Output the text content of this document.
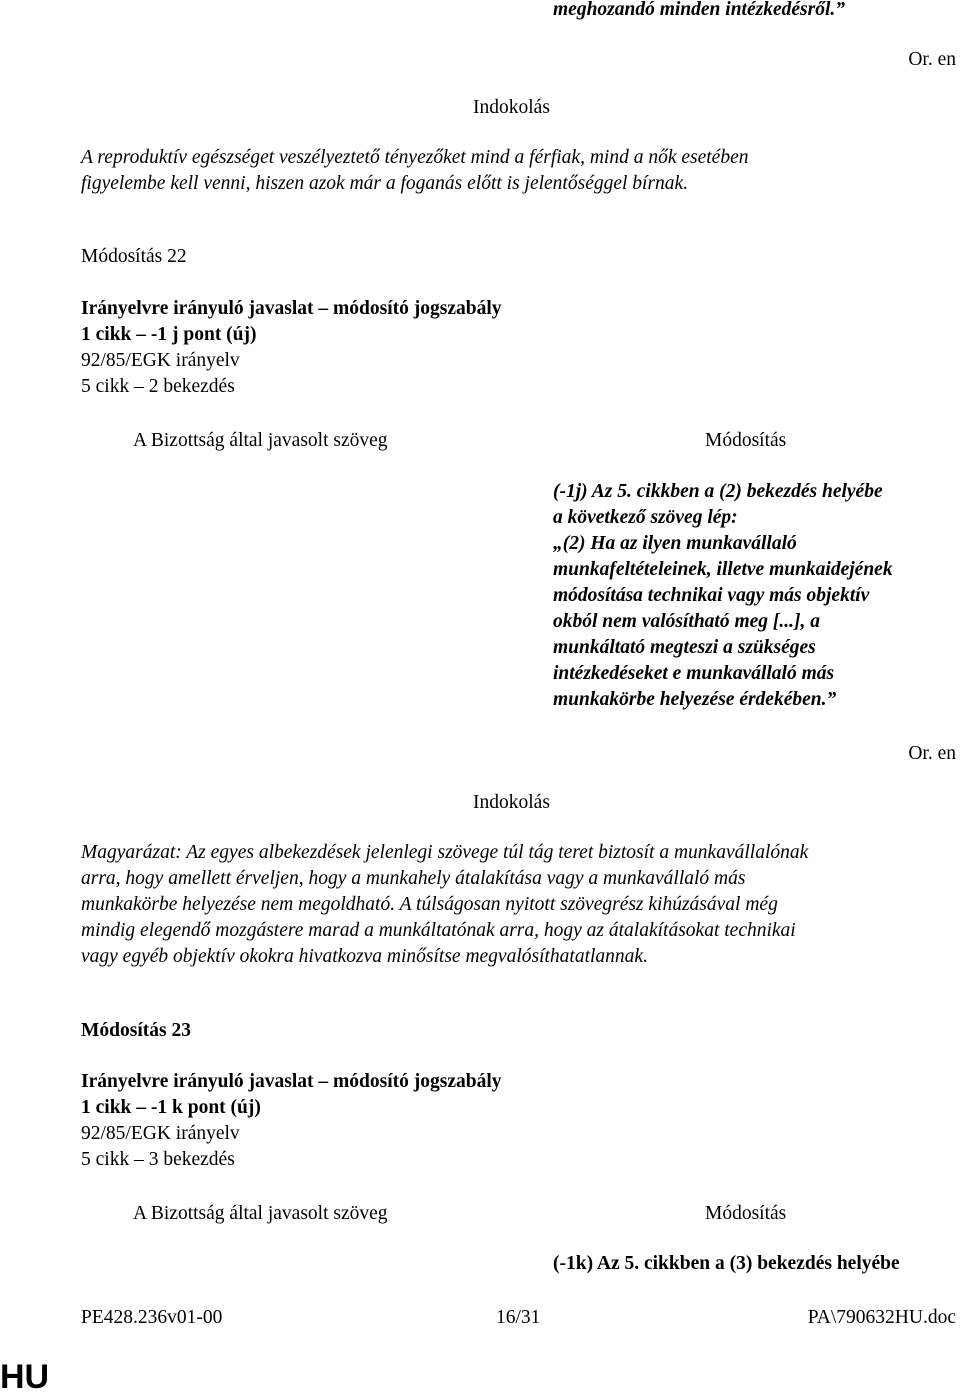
meghozandó minden intézkedésről.”
Or. en
Indokolás
A reproduktív egészséget veszélyeztető tényezőket mind a férfiak, mind a nők esetében
figyelembe kell venni, hiszen azok már a foganás előtt is jelentőséggel bírnak.
Módosítás 22
Irányelvre irányuló javaslat – módosító jogszabály
1 cikk – -1 j pont (új)
92/85/EGK irányelv
5 cikk – 2 bekezdés
A Bizottság által javasolt szöveg	Módosítás
(-1j) Az 5. cikkben a (2) bekezdés helyébe
a következő szöveg lép:
„(2) Ha az ilyen munkavállaló
munkafeltételeinek, illetve munkaidejének
módosítása technikai vagy más objektív
okból nem valósítható meg [...], a
munkáltató megteszi a szükséges
intézkedéseket e munkavállaló más
munkakörbe helyezése érdekében.”
Or. en
Indokolás
Magyarázat: Az egyes albekezdések jelenlegi szövege túl tág teret biztosít a munkavállalónak
arra, hogy amellett érveljen, hogy a munkahely átalakítása vagy a munkavállaló más
munkakörbe helyezése nem megoldható. A túlságosan nyitott szövegrész kihúzásával még
mindig elegendő mozgástere marad a munkáltatónak arra, hogy az átalakításokat technikai
vagy egyéb objektív okokra hivatkozva minősítse megvalósíthatatlannak.
Módosítás 23
Irányelvre irányuló javaslat – módosító jogszabály
1 cikk – -1 k pont (új)
92/85/EGK irányelv
5 cikk – 3 bekezdés
A Bizottság által javasolt szöveg	Módosítás
(-1k) Az 5. cikkben a (3) bekezdés helyébe
PE428.236v01-00	16/31	PA\790632HU.doc
HU
